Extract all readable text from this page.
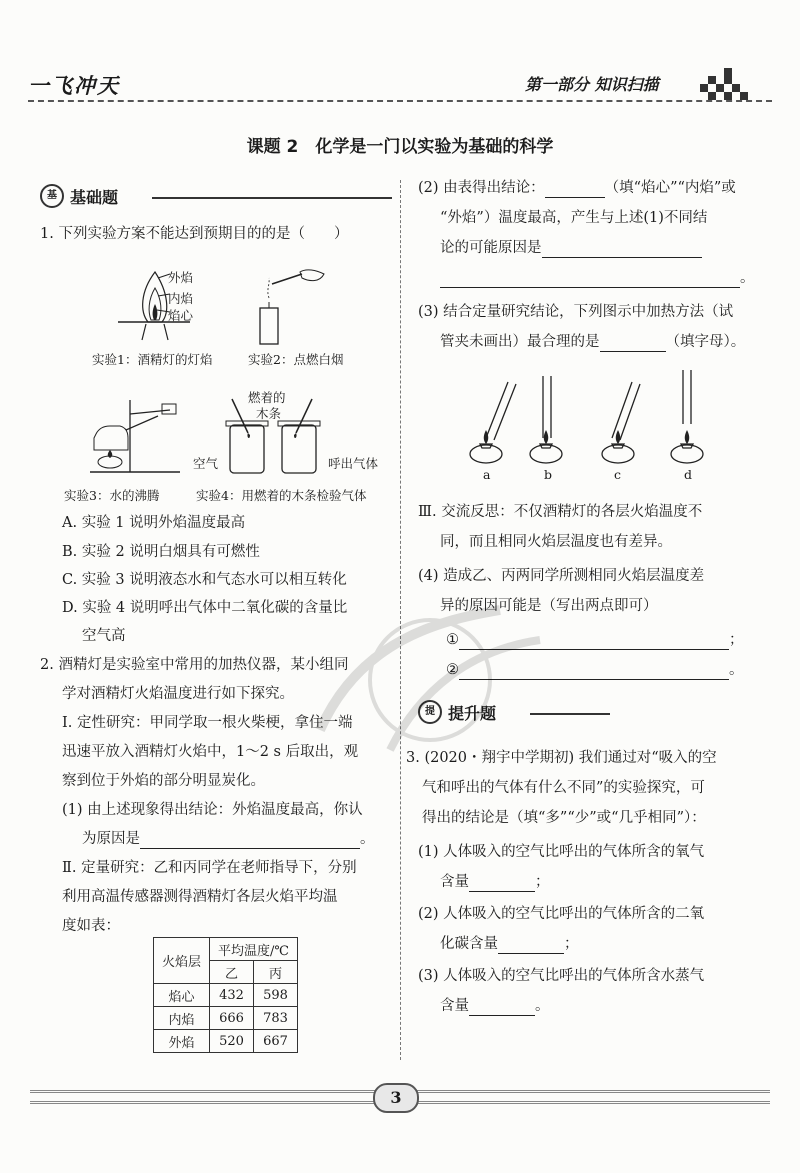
一飞冲天	第一部分 知识扫描
课题 2　化学是一门以实验为基础的科学
基 基础题
1. 下列实验方案不能达到预期目的的是（　　）
外焰
内焰
焰心
实验1：酒精灯的灯焰	实验2：点燃白烟
实验3：水的沸腾
燃着的
木条
空气	呼出气体
实验4：用燃着的木条检验气体
A. 实验 1 说明外焰温度最高
B. 实验 2 说明白烟具有可燃性
C. 实验 3 说明液态水和气态水可以相互转化
D. 实验 4 说明呼出气体中二氧化碳的含量比
空气高
2. 酒精灯是实验室中常用的加热仪器，某小组同
学对酒精灯火焰温度进行如下探究。
Ⅰ. 定性研究：甲同学取一根火柴梗，拿住一端
迅速平放入酒精灯火焰中，1～2 s 后取出，观
察到位于外焰的部分明显炭化。
(1) 由上述现象得出结论：外焰温度最高，你认
为原因是	。
Ⅱ. 定量研究：乙和丙同学在老师指导下，分别
利用高温传感器测得酒精灯各层火焰平均温
度如表：
火焰层	平均温度/℃	
	乙	丙
焰心	432	598
内焰	666	783
外焰	520	667
(2) 由表得出结论：	（填“焰心”“内焰”或
“外焰”）温度最高，产生与上述(1)不同结
论的可能原因是
。
(3) 结合定量研究结论，下列图示中加热方法（试
管夹未画出）最合理的是	（填字母）。
a	b	c	d
Ⅲ. 交流反思：不仅酒精灯的各层火焰温度不
同，而且相同火焰层温度也有差异。
(4) 造成乙、丙两同学所测相同火焰层温度差
异的原因可能是（写出两点即可）
①	；
②	。
提 提升题
3. (2020・翔宇中学期初) 我们通过对“吸入的空
气和呼出的气体有什么不同”的实验探究，可
得出的结论是（填“多”“少”或“几乎相同”）：
(1) 人体吸入的空气比呼出的气体所含的氧气
含量	；
(2) 人体吸入的空气比呼出的气体所含的二氧
化碳含量	；
(3) 人体吸入的空气比呼出的气体所含水蒸气
含量	。
3
